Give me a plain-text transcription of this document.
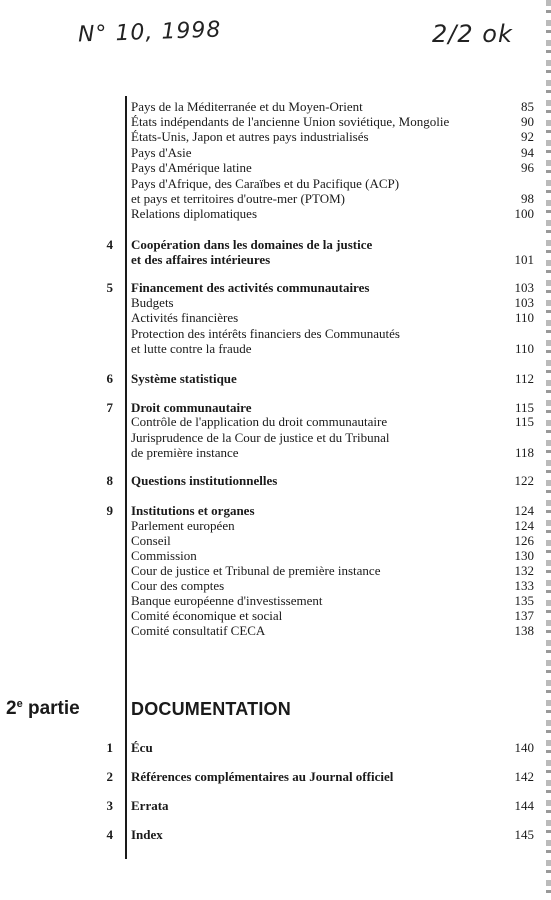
N° 10, 1998	2/2 ok
Pays de la Méditerranée et du Moyen-Orient	85
États indépendants de l'ancienne Union soviétique, Mongolie	90
États-Unis, Japon et autres pays industrialisés	92
Pays d'Asie	94
Pays d'Amérique latine	96
Pays d'Afrique, des Caraïbes et du Pacifique (ACP)
et pays et territoires d'outre-mer (PTOM)	98
Relations diplomatiques	100
4 Coopération dans les domaines de la justice
et des affaires intérieures	101
5 Financement des activités communautaires	103
Budgets	103
Activités financières	110
Protection des intérêts financiers des Communautés
et lutte contre la fraude	110
6 Système statistique	112
7 Droit communautaire	115
Contrôle de l'application du droit communautaire	115
Jurisprudence de la Cour de justice et du Tribunal
de première instance	118
8 Questions institutionnelles	122
9 Institutions et organes	124
Parlement européen	124
Conseil	126
Commission	130
Cour de justice et Tribunal de première instance	132
Cour des comptes	133
Banque européenne d'investissement	135
Comité économique et social	137
Comité consultatif CECA	138
2e partie	DOCUMENTATION
1 Écu	140
2 Références complémentaires au Journal officiel	142
3 Errata	144
4 Index	145
